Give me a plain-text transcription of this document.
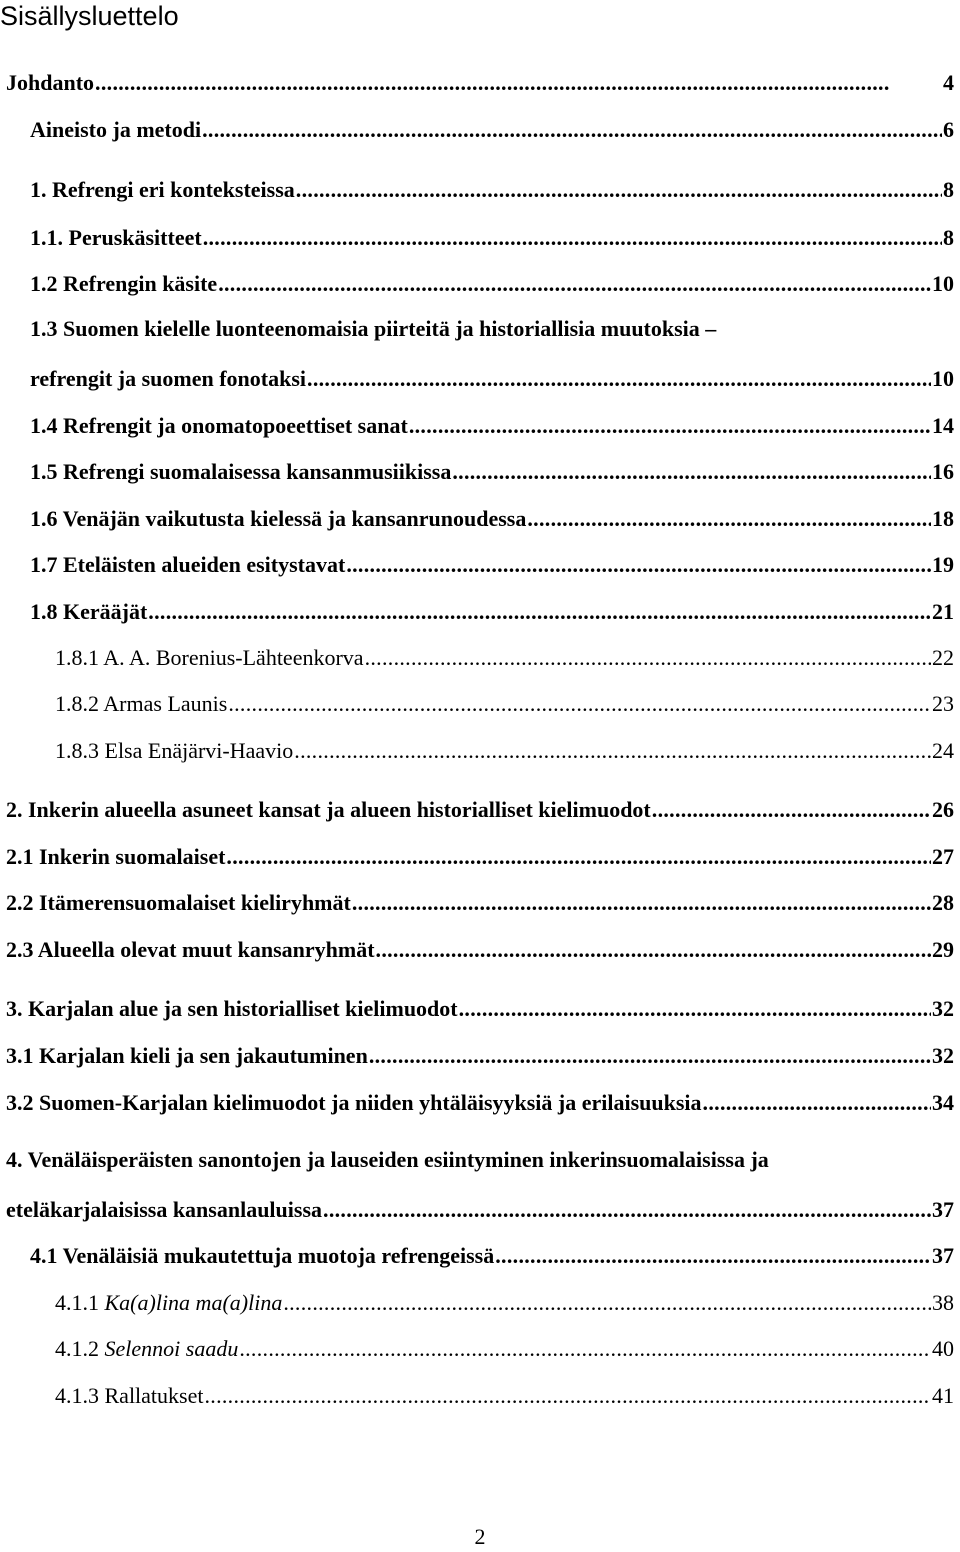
Sisällysluettelo
Johdanto . . .	4
Aineisto ja metodi . . .	6
1. Refrengi eri konteksteissa . . .	8
1.1. Peruskäsitteet . . .	8
1.2 Refrengin käsite . . .	10
1.3 Suomen kielelle luonteenomaisia piirteitä ja historiallisia muutoksia –
refrengit ja suomen fonotaksi . . .	10
1.4 Refrengit ja onomatopoeettiset sanat . . .	14
1.5 Refrengi suomalaisessa kansanmusiikissa . . .	16
1.6 Venäjän vaikutusta kielessä ja kansanrunoudessa . . .	18
1.7 Eteläisten alueiden esitystavat . . .	19
1.8 Kerääjät . . .	21
1.8.1 A. A. Borenius-Lähteenkorva . . .	22
1.8.2 Armas Launis . . .	23
1.8.3 Elsa Enäjärvi-Haavio . . .	24
2. Inkerin alueella asuneet kansat ja alueen historialliset kielimuodot . . .	26
2.1 Inkerin suomalaiset . . .	27
2.2 Itämerensuomalaiset kieliryhmät . . .	28
2.3 Alueella olevat muut kansanryhmät . . .	29
3. Karjalan alue ja sen historialliset kielimuodot . . .	32
3.1 Karjalan kieli ja sen jakautuminen . . .	32
3.2 Suomen-Karjalan kielimuodot ja niiden yhtäläisyyksiä ja erilaisuuksia . . .	34
4. Venäläisperäisten sanontojen ja lauseiden esiintyminen inkerinsuomalaisissa ja
eteläkarjalaisissa kansanlauluissa . . .	37
4.1 Venäläisiä mukautettuja muotoja refrengeissä . . .	37
4.1.1 Ka(a)lina ma(a)lina . . .	38
4.1.2 Selennoi saadu . . .	40
4.1.3 Rallatukset . . .	41
2
